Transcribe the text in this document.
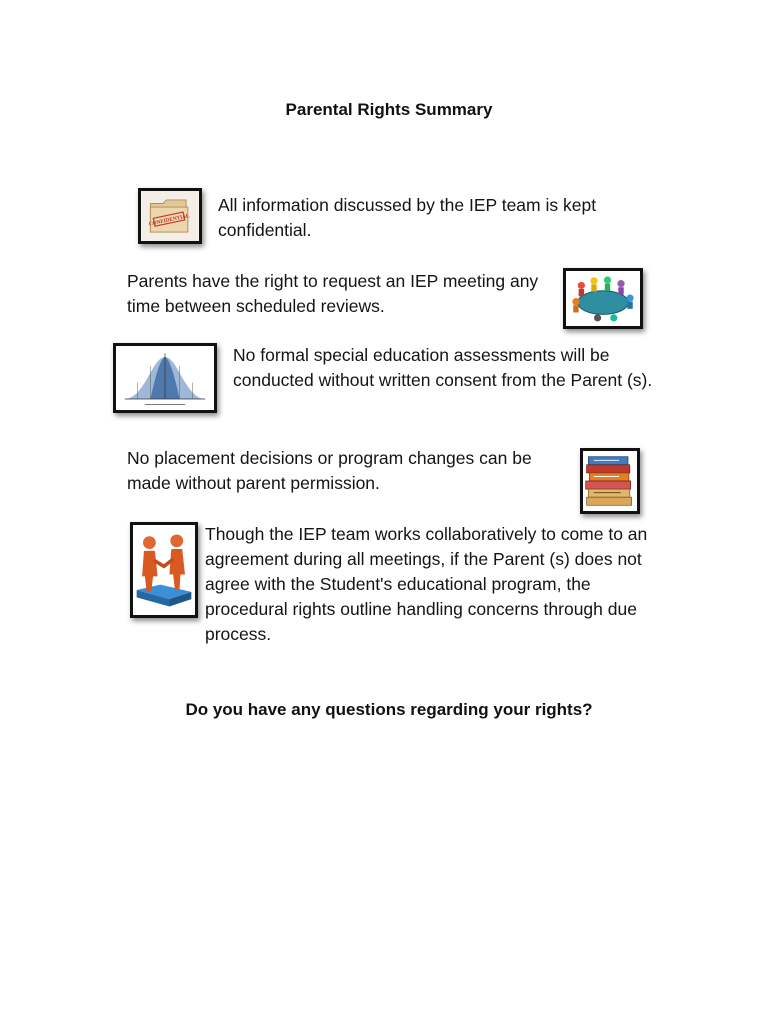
Parental Rights Summary
CONFIDENTIAL
All information discussed by the IEP team is kept confidential.
Parents have the right to request an IEP meeting any time between scheduled reviews.
No formal special education assessments will be conducted without written consent from the Parent (s).
No placement decisions or program changes can be made without parent permission.
Though the IEP team works collaboratively to come to an agreement during all meetings, if the Parent (s) does not agree with the Student's educational program, the procedural rights outline handling concerns through due process.
Do you have any questions regarding your rights?
